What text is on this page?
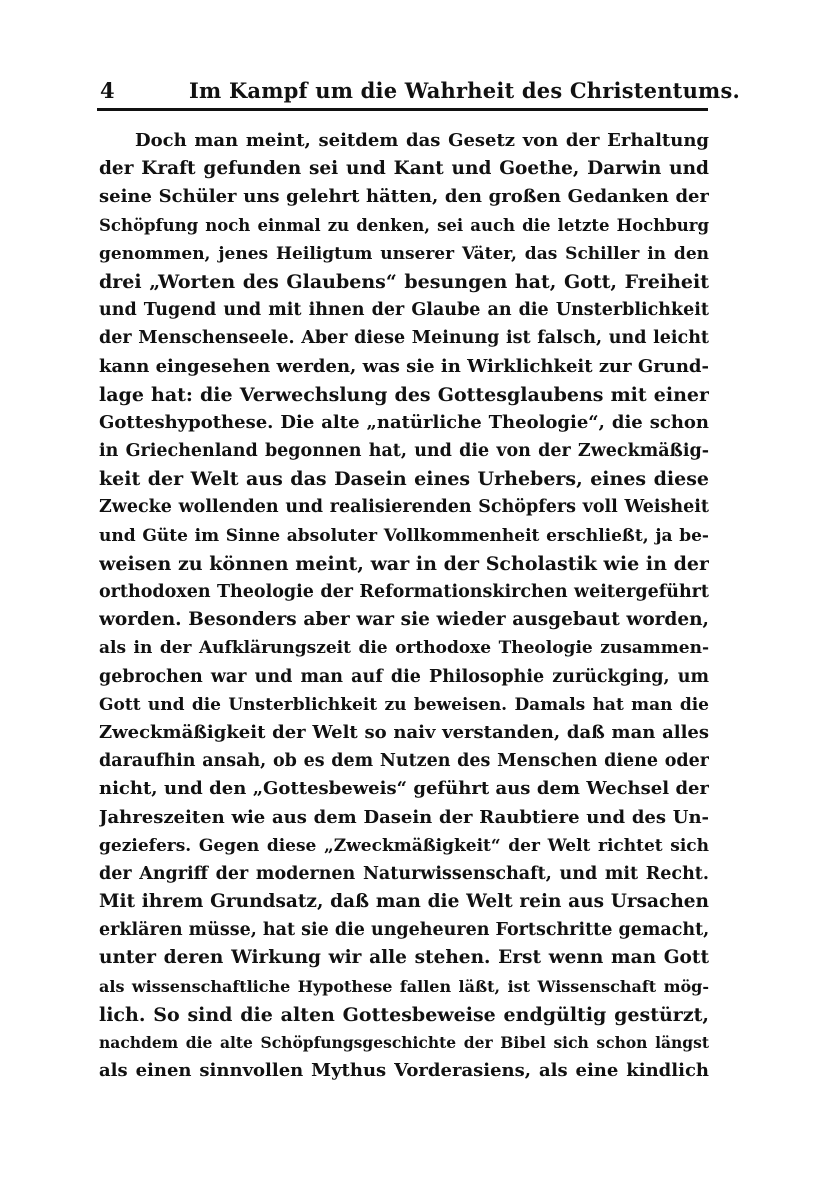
4	Im Kampf um die Wahrheit des Christentums.
Doch man meint, seitdem das Gesetz von der Erhaltung
der Kraft gefunden sei und Kant und Goethe, Darwin und
seine Schüler uns gelehrt hätten, den großen Gedanken der
Schöpfung noch einmal zu denken, sei auch die letzte Hochburg
genommen, jenes Heiligtum unserer Väter, das Schiller in den
drei „Worten des Glaubens“ besungen hat, Gott, Freiheit
und Tugend und mit ihnen der Glaube an die Unsterblichkeit
der Menschenseele. Aber diese Meinung ist falsch, und leicht
kann eingesehen werden, was sie in Wirklichkeit zur Grund-
lage hat: die Verwechslung des Gottesglaubens mit einer
Gotteshypothese. Die alte „natürliche Theologie“, die schon
in Griechenland begonnen hat, und die von der Zweckmäßig-
keit der Welt aus das Dasein eines Urhebers, eines diese
Zwecke wollenden und realisierenden Schöpfers voll Weisheit
und Güte im Sinne absoluter Vollkommenheit erschließt, ja be-
weisen zu können meint, war in der Scholastik wie in der
orthodoxen Theologie der Reformationskirchen weitergeführt
worden. Besonders aber war sie wieder ausgebaut worden,
als in der Aufklärungszeit die orthodoxe Theologie zusammen-
gebrochen war und man auf die Philosophie zurückging, um
Gott und die Unsterblichkeit zu beweisen. Damals hat man die
Zweckmäßigkeit der Welt so naiv verstanden, daß man alles
daraufhin ansah, ob es dem Nutzen des Menschen diene oder
nicht, und den „Gottesbeweis“ geführt aus dem Wechsel der
Jahreszeiten wie aus dem Dasein der Raubtiere und des Un-
geziefers. Gegen diese „Zweckmäßigkeit“ der Welt richtet sich
der Angriff der modernen Naturwissenschaft, und mit Recht.
Mit ihrem Grundsatz, daß man die Welt rein aus Ursachen
erklären müsse, hat sie die ungeheuren Fortschritte gemacht,
unter deren Wirkung wir alle stehen. Erst wenn man Gott
als wissenschaftliche Hypothese fallen läßt, ist Wissenschaft mög-
lich. So sind die alten Gottesbeweise endgültig gestürzt,
nachdem die alte Schöpfungsgeschichte der Bibel sich schon längst
als einen sinnvollen Mythus Vorderasiens, als eine kindlich
